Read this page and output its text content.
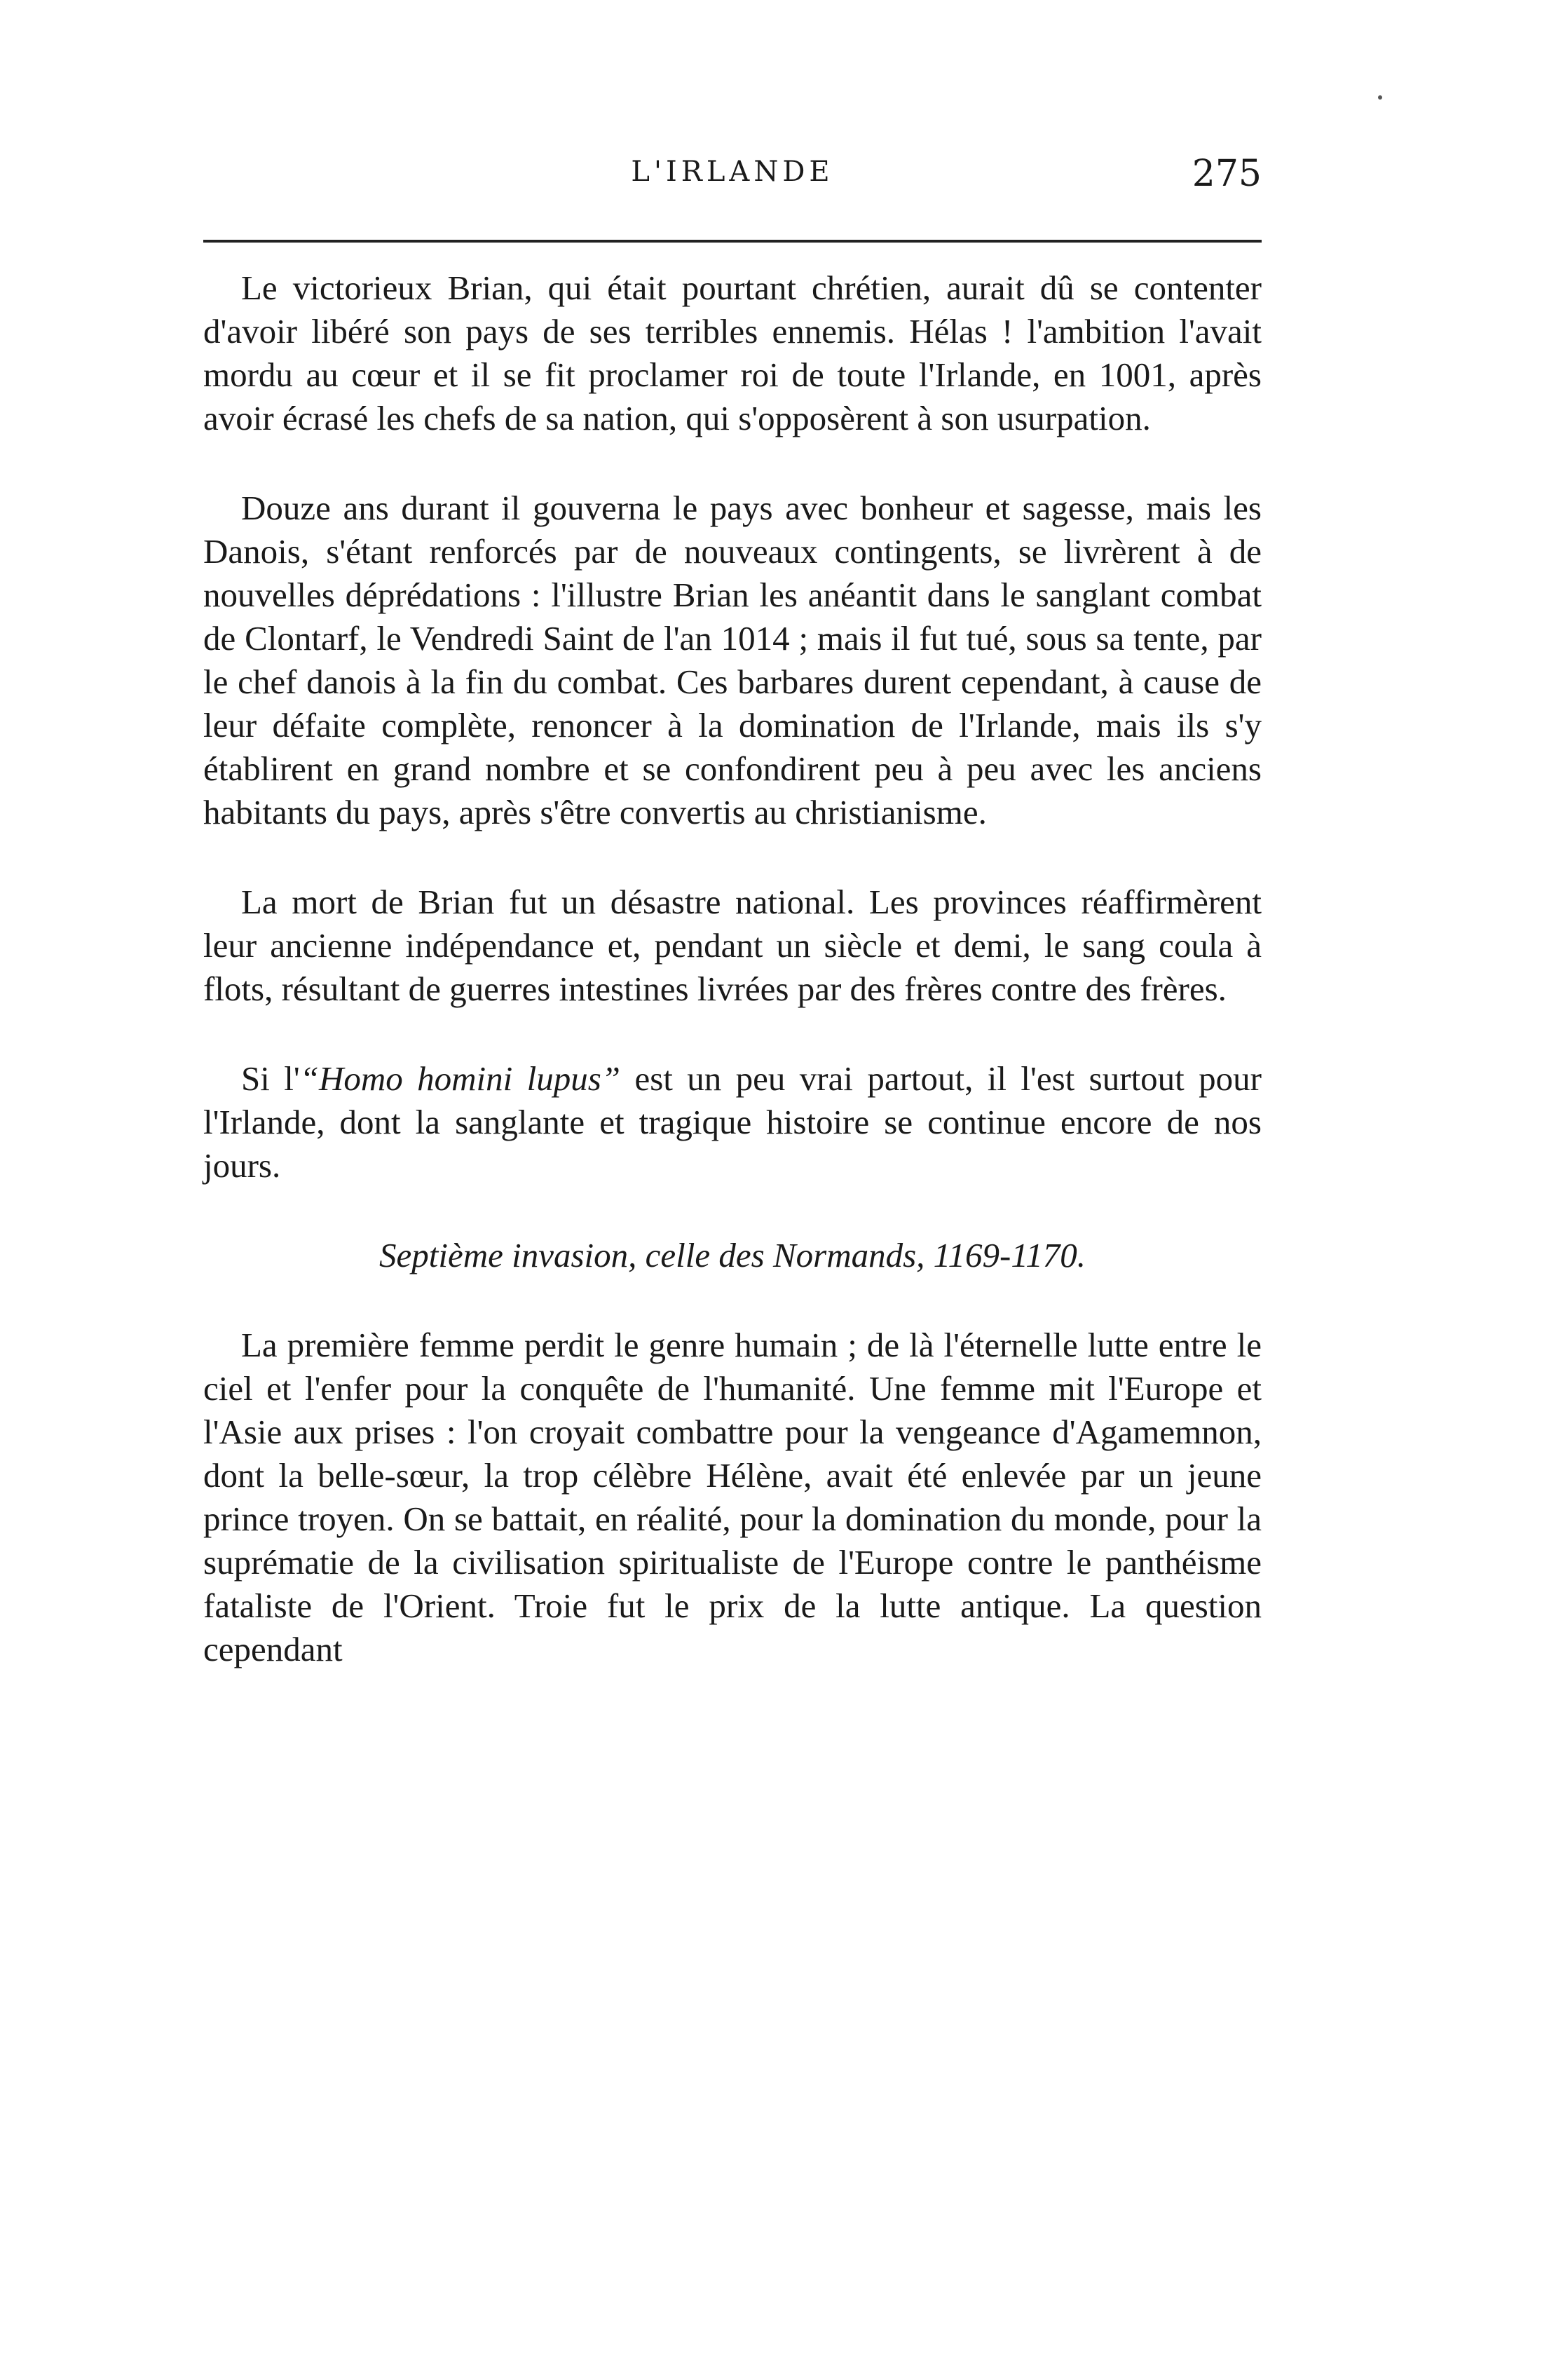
L'IRLANDE	275

Le victorieux Brian, qui était pourtant chrétien, aurait dû se contenter d'avoir libéré son pays de ses terribles ennemis. Hélas ! l'ambition l'avait mordu au cœur et il se fit proclamer roi de toute l'Irlande, en 1001, après avoir écrasé les chefs de sa nation, qui s'opposèrent à son usurpation.

Douze ans durant il gouverna le pays avec bonheur et sagesse, mais les Danois, s'étant renforcés par de nouveaux contingents, se livrèrent à de nouvelles déprédations : l'illustre Brian les anéantit dans le sanglant combat de Clontarf, le Vendredi Saint de l'an 1014 ; mais il fut tué, sous sa tente, par le chef danois à la fin du combat. Ces barbares durent cependant, à cause de leur défaite complète, renoncer à la domination de l'Irlande, mais ils s'y établirent en grand nombre et se confondirent peu à peu avec les anciens habitants du pays, après s'être convertis au christianisme.

La mort de Brian fut un désastre national. Les provinces réaffirmèrent leur ancienne indépendance et, pendant un siècle et demi, le sang coula à flots, résultant de guerres intestines livrées par des frères contre des frères.

Si l'“Homo homini lupus” est un peu vrai partout, il l'est surtout pour l'Irlande, dont la sanglante et tragique histoire se continue encore de nos jours.

Septième invasion, celle des Normands, 1169-1170.

La première femme perdit le genre humain ; de là l'éternelle lutte entre le ciel et l'enfer pour la conquête de l'humanité. Une femme mit l'Europe et l'Asie aux prises : l'on croyait combattre pour la vengeance d'Agamemnon, dont la belle-sœur, la trop célèbre Hélène, avait été enlevée par un jeune prince troyen. On se battait, en réalité, pour la domination du monde, pour la suprématie de la civilisation spiritualiste de l'Europe contre le panthéisme fataliste de l'Orient. Troie fut le prix de la lutte antique. La question cependant
